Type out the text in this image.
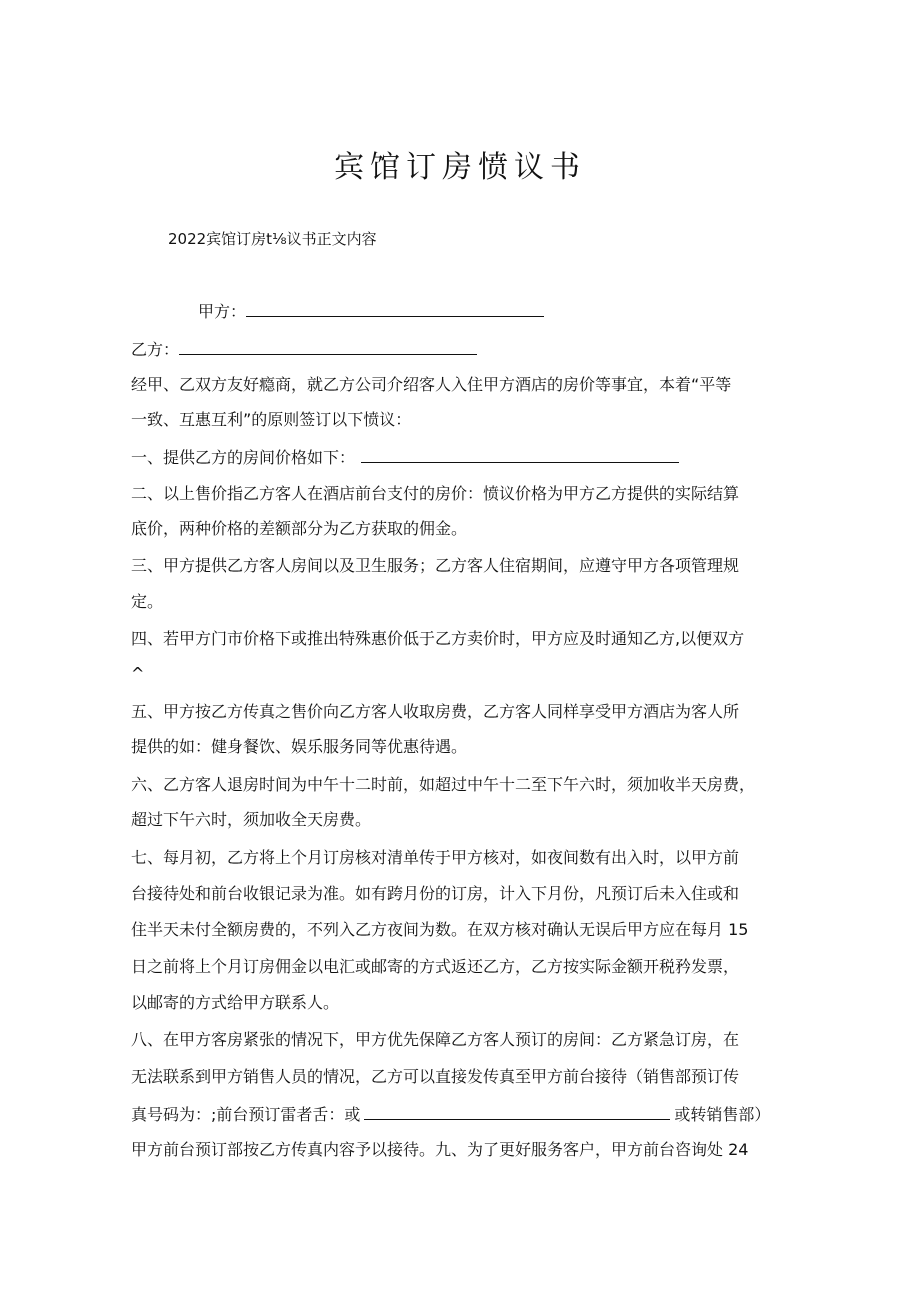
宾馆订房愤议书

2022宾馆订房t⅛议书正文内容

甲方：

乙方：

经甲、乙双方友好瘾商，就乙方公司介绍客人入住甲方酒店的房价等事宜，本着“平等

一致、互惠互利”的原则签订以下愤议：

一、提供乙方的房间价格如下：

二、以上售价指乙方客人在酒店前台支付的房价：愤议价格为甲方乙方提供的实际结算

底价，两种价格的差额部分为乙方获取的佣金。

三、甲方提供乙方客人房间以及卫生服务；乙方客人住宿期间，应遵守甲方各项管理规

定。

四、若甲方门市价格下或推出特殊惠价低于乙方卖价时，甲方应及时通知乙方,以便双方

^

五、甲方按乙方传真之售价向乙方客人收取房费，乙方客人同样享受甲方酒店为客人所

提供的如：健身餐饮、娱乐服务同等优惠待遇。

六、乙方客人退房时间为中午十二时前，如超过中午十二至下午六时，须加收半天房费，

超过下午六时，须加收全天房费。

七、每月初，乙方将上个月订房核对清单传于甲方核对，如夜间数有出入时，以甲方前

台接待处和前台收银记录为准。如有跨月份的订房，计入下月份，凡预订后未入住或和

住半天未付全额房费的，不列入乙方夜间为数。在双方核对确认无误后甲方应在每月 15

日之前将上个月订房佣金以电汇或邮寄的方式返还乙方，乙方按实际金额开税矜发票，

以邮寄的方式给甲方联系人。

八、在甲方客房紧张的情况下，甲方优先保障乙方客人预订的房间：乙方紧急订房，在

无法联系到甲方销售人员的情况，乙方可以直接发传真至甲方前台接待（销售部预订传

真号码为：;前台预订雷者舌：或	或转销售部）

甲方前台预订部按乙方传真内容予以接待。九、为了更好服务客户，甲方前台咨询处 24
